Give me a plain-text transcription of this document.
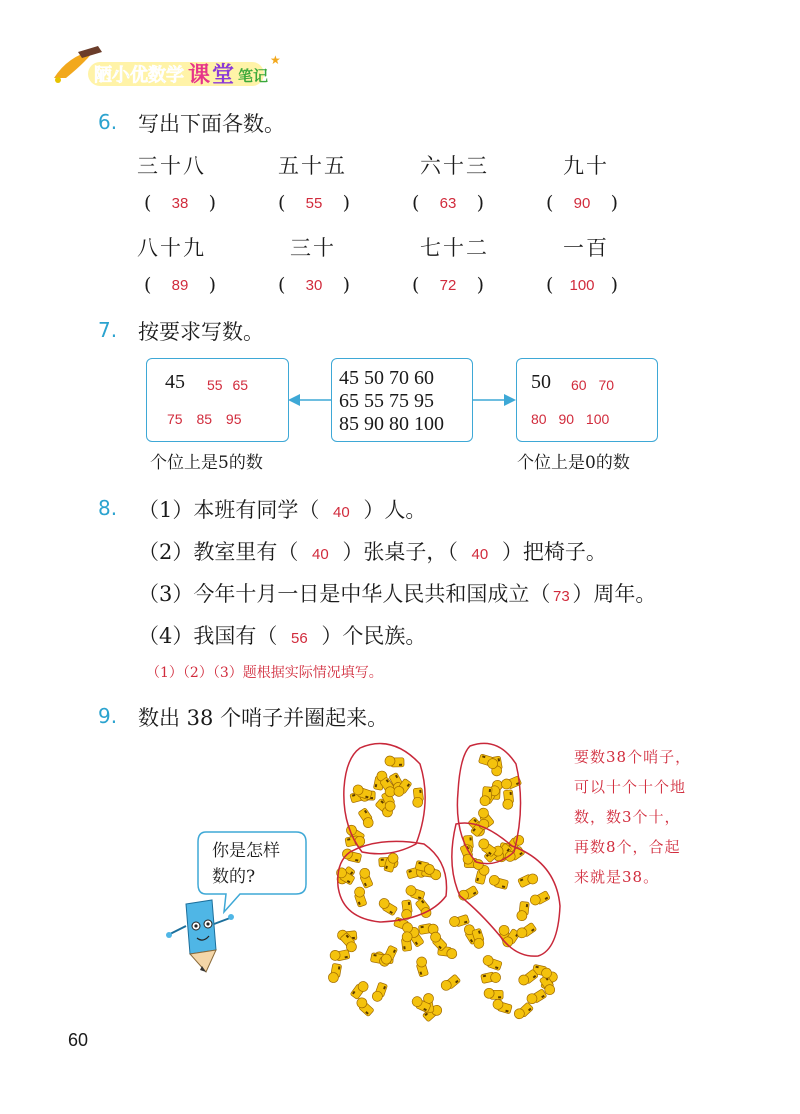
陋小优数学 课 堂 笔记
★
6. 写出下面各数。
三十八	五十五	六十三	九十
(	38	)	(	55	)	(	63	)	(	90	)
八十九	三十	七十二	一百
(	89	)	(	30	)	(	72	)	(	100 )
7. 按要求写数。
45 55 65
75 85 95
45 50 70 60
65 55 75 95
85 90 80 100
50 60 70
80 90 100
个位上是5的数	个位上是0的数
8. （1）本班有同学（ 40 ）人。
（2）教室里有（ 40 ）张桌子，（ 40 ）把椅子。
（3）今年十月一日是中华人民共和国成立（ 73 ）周年。
（4）我国有（ 56 ）个民族。
（1）（2）（3）题根据实际情况填写。
9. 数出 38 个哨子并圈起来。
要数38个哨子，
可以十个十个地
数，数3个十，
再数8个，合起
来就是38。
你是怎样
数的?
60
